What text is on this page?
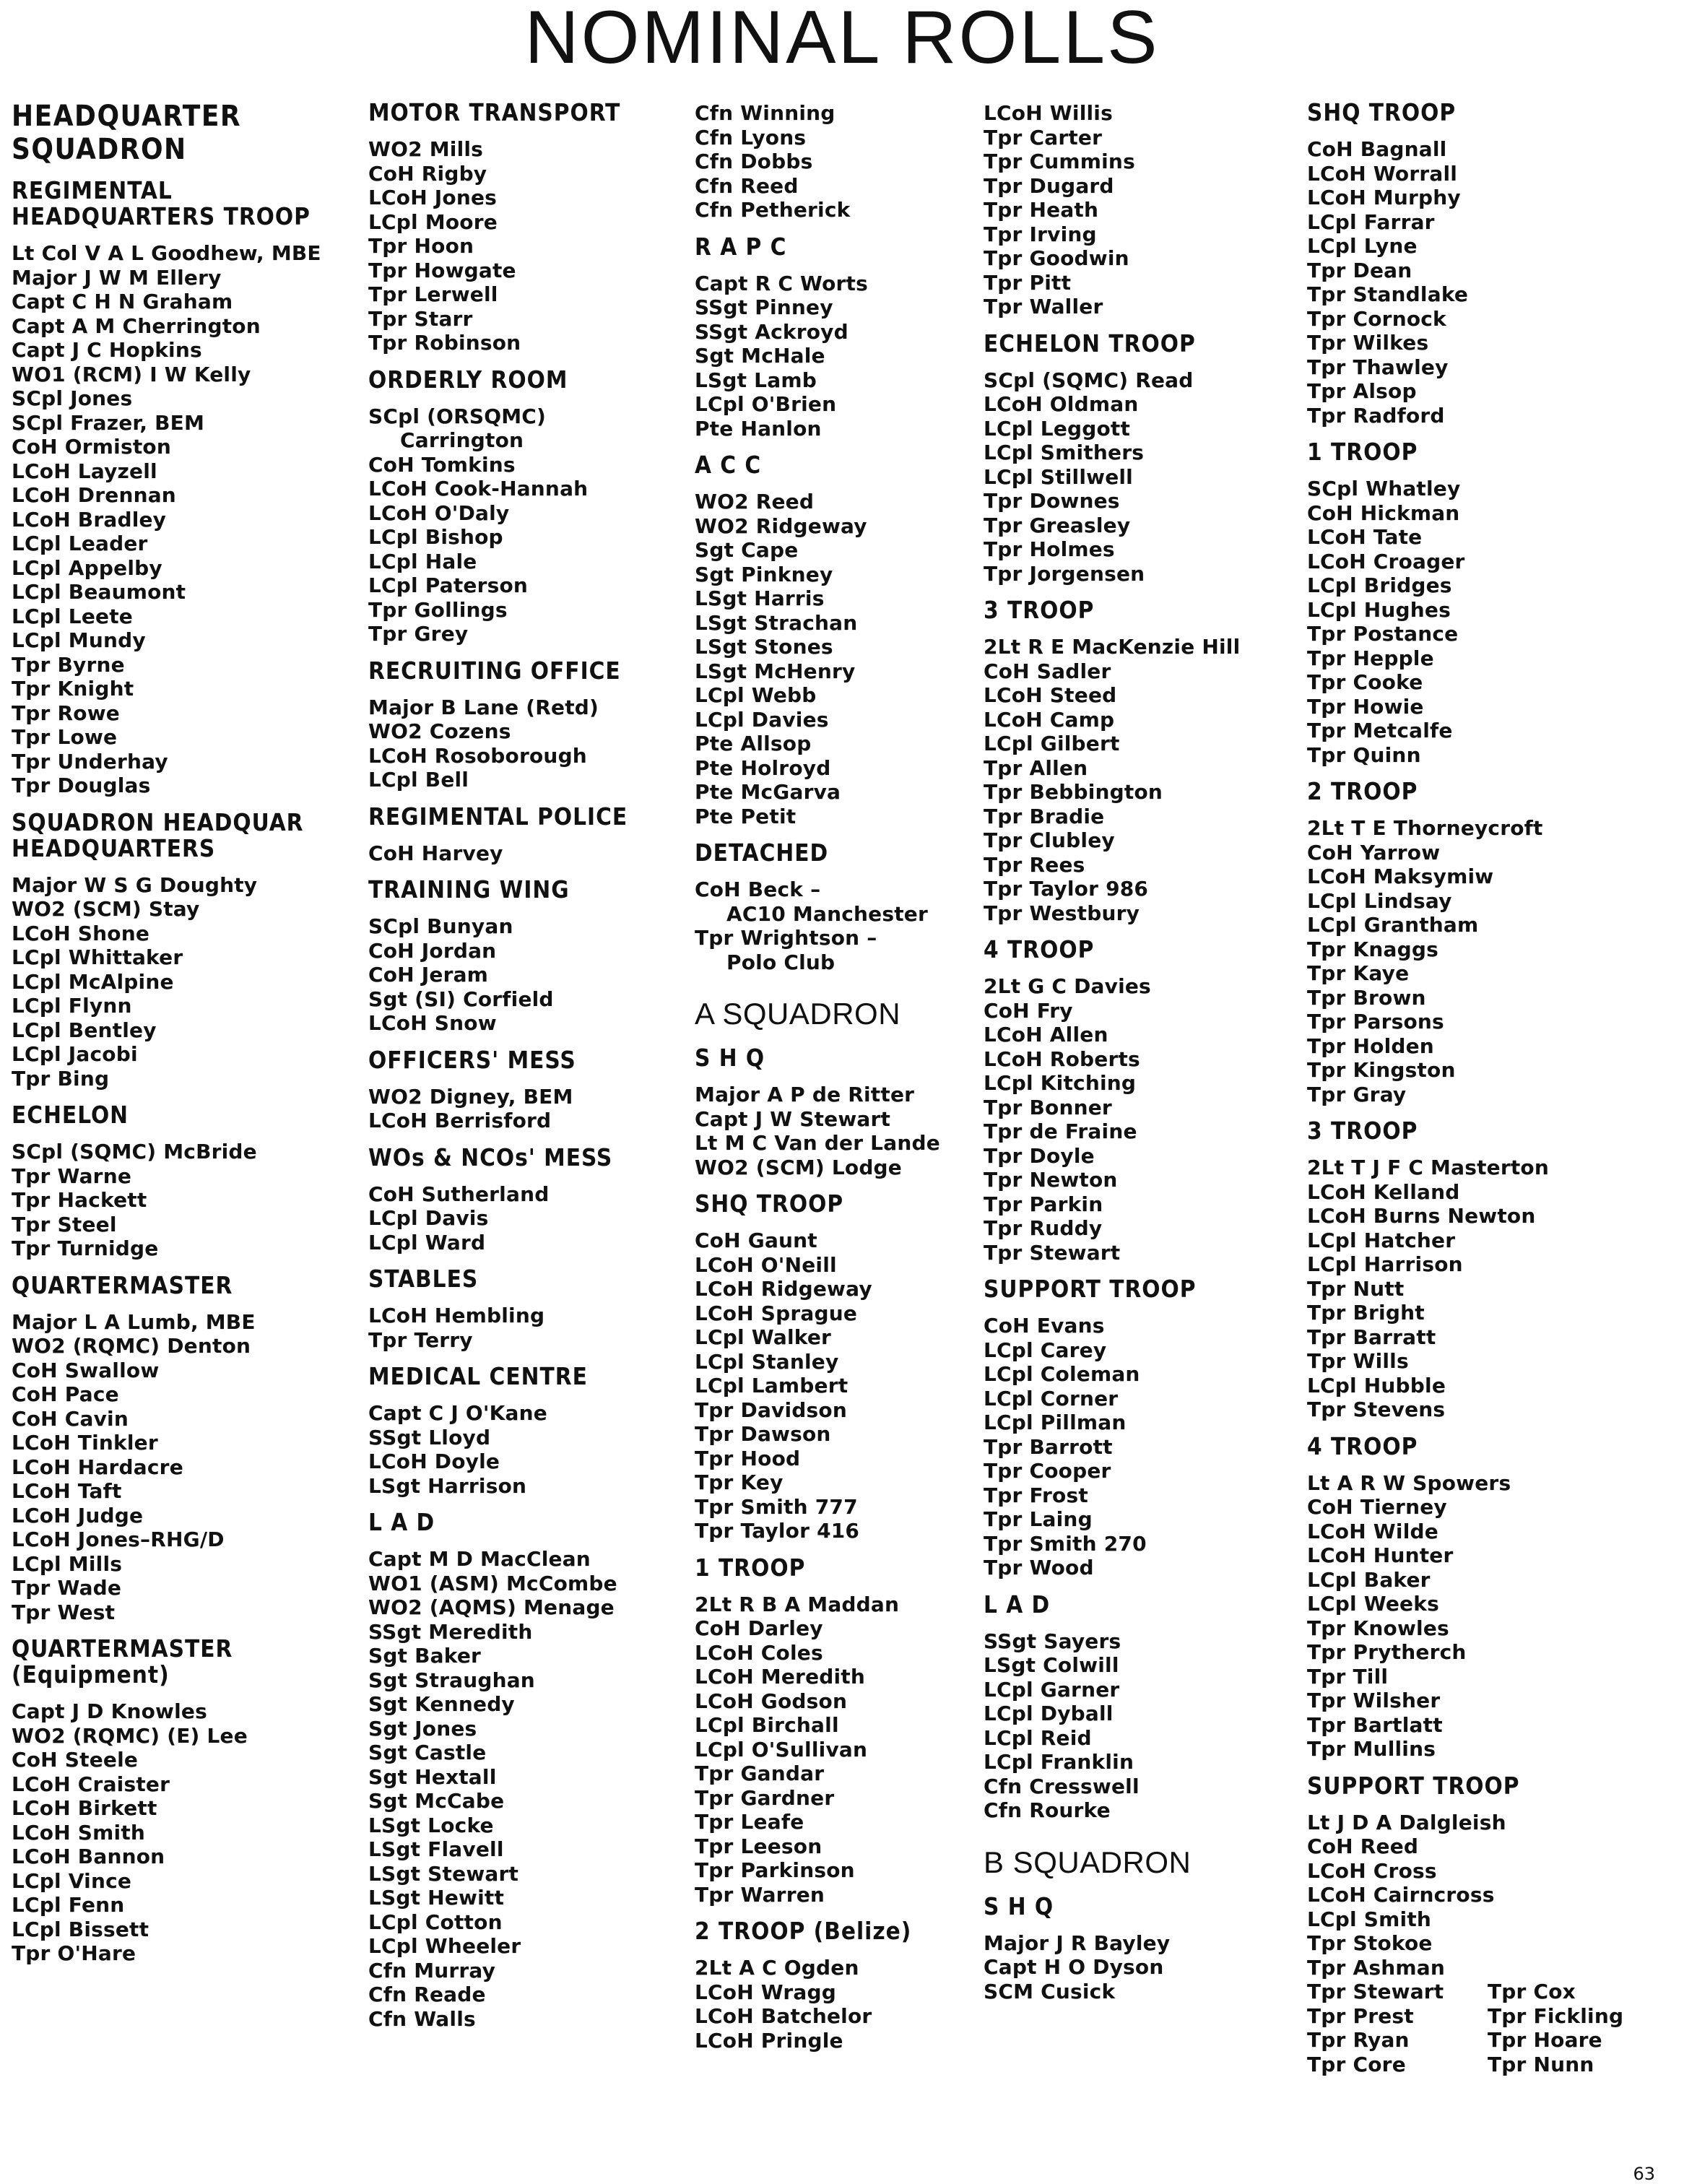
NOMINAL ROLLS
HEADQUARTER
SQUADRON
REGIMENTAL
HEADQUARTERS TROOP
Lt Col V A L Goodhew, MBE
Major J W M Ellery
Capt C H N Graham
Capt A M Cherrington
Capt J C Hopkins
WO1 (RCM) I W Kelly
SCpl Jones
SCpl Frazer, BEM
CoH Ormiston
LCoH Layzell
LCoH Drennan
LCoH Bradley
LCpl Leader
LCpl Appelby
LCpl Beaumont
LCpl Leete
LCpl Mundy
Tpr Byrne
Tpr Knight
Tpr Rowe
Tpr Lowe
Tpr Underhay
Tpr Douglas
SQUADRON HEADQUAR
HEADQUARTERS
Major W S G Doughty
WO2 (SCM) Stay
LCoH Shone
LCpl Whittaker
LCpl McAlpine
LCpl Flynn
LCpl Bentley
LCpl Jacobi
Tpr Bing
ECHELON
SCpl (SQMC) McBride
Tpr Warne
Tpr Hackett
Tpr Steel
Tpr Turnidge
QUARTERMASTER
Major L A Lumb, MBE
WO2 (RQMC) Denton
CoH Swallow
CoH Pace
CoH Cavin
LCoH Tinkler
LCoH Hardacre
LCoH Taft
LCoH Judge
LCoH Jones–RHG/D
LCpl Mills
Tpr Wade
Tpr West
QUARTERMASTER
(Equipment)
Capt J D Knowles
WO2 (RQMC) (E) Lee
CoH Steele
LCoH Craister
LCoH Birkett
LCoH Smith
LCoH Bannon
LCpl Vince
LCpl Fenn
LCpl Bissett
Tpr O'Hare
MOTOR TRANSPORT
WO2 Mills
CoH Rigby
LCoH Jones
LCpl Moore
Tpr Hoon
Tpr Howgate
Tpr Lerwell
Tpr Starr
Tpr Robinson
ORDERLY ROOM
SCpl (ORSQMC)
Carrington
CoH Tomkins
LCoH Cook-Hannah
LCoH O'Daly
LCpl Bishop
LCpl Hale
LCpl Paterson
Tpr Gollings
Tpr Grey
RECRUITING OFFICE
Major B Lane (Retd)
WO2 Cozens
LCoH Rosoborough
LCpl Bell
REGIMENTAL POLICE
CoH Harvey
TRAINING WING
SCpl Bunyan
CoH Jordan
CoH Jeram
Sgt (SI) Corfield
LCoH Snow
OFFICERS' MESS
WO2 Digney, BEM
LCoH Berrisford
WOs & NCOs' MESS
CoH Sutherland
LCpl Davis
LCpl Ward
STABLES
LCoH Hembling
Tpr Terry
MEDICAL CENTRE
Capt C J O'Kane
SSgt Lloyd
LCoH Doyle
LSgt Harrison
L A D
Capt M D MacClean
WO1 (ASM) McCombe
WO2 (AQMS) Menage
SSgt Meredith
Sgt Baker
Sgt Straughan
Sgt Kennedy
Sgt Jones
Sgt Castle
Sgt Hextall
Sgt McCabe
LSgt Locke
LSgt Flavell
LSgt Stewart
LSgt Hewitt
LCpl Cotton
LCpl Wheeler
Cfn Murray
Cfn Reade
Cfn Walls
Cfn Winning
Cfn Lyons
Cfn Dobbs
Cfn Reed
Cfn Petherick
R A P C
Capt R C Worts
SSgt Pinney
SSgt Ackroyd
Sgt McHale
LSgt Lamb
LCpl O'Brien
Pte Hanlon
A C C
WO2 Reed
WO2 Ridgeway
Sgt Cape
Sgt Pinkney
LSgt Harris
LSgt Strachan
LSgt Stones
LSgt McHenry
LCpl Webb
LCpl Davies
Pte Allsop
Pte Holroyd
Pte McGarva
Pte Petit
DETACHED
CoH Beck –
AC10 Manchester
Tpr Wrightson –
Polo Club
A SQUADRON
S H Q
Major A P de Ritter
Capt J W Stewart
Lt M C Van der Lande
WO2 (SCM) Lodge
SHQ TROOP
CoH Gaunt
LCoH O'Neill
LCoH Ridgeway
LCoH Sprague
LCpl Walker
LCpl Stanley
LCpl Lambert
Tpr Davidson
Tpr Dawson
Tpr Hood
Tpr Key
Tpr Smith 777
Tpr Taylor 416
1 TROOP
2Lt R B A Maddan
CoH Darley
LCoH Coles
LCoH Meredith
LCoH Godson
LCpl Birchall
LCpl O'Sullivan
Tpr Gandar
Tpr Gardner
Tpr Leafe
Tpr Leeson
Tpr Parkinson
Tpr Warren
2 TROOP (Belize)
2Lt A C Ogden
LCoH Wragg
LCoH Batchelor
LCoH Pringle
LCoH Willis
Tpr Carter
Tpr Cummins
Tpr Dugard
Tpr Heath
Tpr Irving
Tpr Goodwin
Tpr Pitt
Tpr Waller
ECHELON TROOP
SCpl (SQMC) Read
LCoH Oldman
LCpl Leggott
LCpl Smithers
LCpl Stillwell
Tpr Downes
Tpr Greasley
Tpr Holmes
Tpr Jorgensen
3 TROOP
2Lt R E MacKenzie Hill
CoH Sadler
LCoH Steed
LCoH Camp
LCpl Gilbert
Tpr Allen
Tpr Bebbington
Tpr Bradie
Tpr Clubley
Tpr Rees
Tpr Taylor 986
Tpr Westbury
4 TROOP
2Lt G C Davies
CoH Fry
LCoH Allen
LCoH Roberts
LCpl Kitching
Tpr Bonner
Tpr de Fraine
Tpr Doyle
Tpr Newton
Tpr Parkin
Tpr Ruddy
Tpr Stewart
SUPPORT TROOP
CoH Evans
LCpl Carey
LCpl Coleman
LCpl Corner
LCpl Pillman
Tpr Barrott
Tpr Cooper
Tpr Frost
Tpr Laing
Tpr Smith 270
Tpr Wood
L A D
SSgt Sayers
LSgt Colwill
LCpl Garner
LCpl Dyball
LCpl Reid
LCpl Franklin
Cfn Cresswell
Cfn Rourke
B SQUADRON
S H Q
Major J R Bayley
Capt H O Dyson
SCM Cusick
SHQ TROOP
CoH Bagnall
LCoH Worrall
LCoH Murphy
LCpl Farrar
LCpl Lyne
Tpr Dean
Tpr Standlake
Tpr Cornock
Tpr Wilkes
Tpr Thawley
Tpr Alsop
Tpr Radford
1 TROOP
SCpl Whatley
CoH Hickman
LCoH Tate
LCoH Croager
LCpl Bridges
LCpl Hughes
Tpr Postance
Tpr Hepple
Tpr Cooke
Tpr Howie
Tpr Metcalfe
Tpr Quinn
2 TROOP
2Lt T E Thorneycroft
CoH Yarrow
LCoH Maksymiw
LCpl Lindsay
LCpl Grantham
Tpr Knaggs
Tpr Kaye
Tpr Brown
Tpr Parsons
Tpr Holden
Tpr Kingston
Tpr Gray
3 TROOP
2Lt T J F C Masterton
LCoH Kelland
LCoH Burns Newton
LCpl Hatcher
LCpl Harrison
Tpr Nutt
Tpr Bright
Tpr Barratt
Tpr Wills
LCpl Hubble
Tpr Stevens
4 TROOP
Lt A R W Spowers
CoH Tierney
LCoH Wilde
LCoH Hunter
LCpl Baker
LCpl Weeks
Tpr Knowles
Tpr Prytherch
Tpr Till
Tpr Wilsher
Tpr Bartlatt
Tpr Mullins
SUPPORT TROOP
Lt J D A Dalgleish
CoH Reed
LCoH Cross
LCoH Cairncross
LCpl Smith
Tpr Stokoe
Tpr Ashman
Tpr Stewart	Tpr Cox
Tpr Prest	Tpr Fickling
Tpr Ryan	Tpr Hoare
Tpr Core	Tpr Nunn
63
